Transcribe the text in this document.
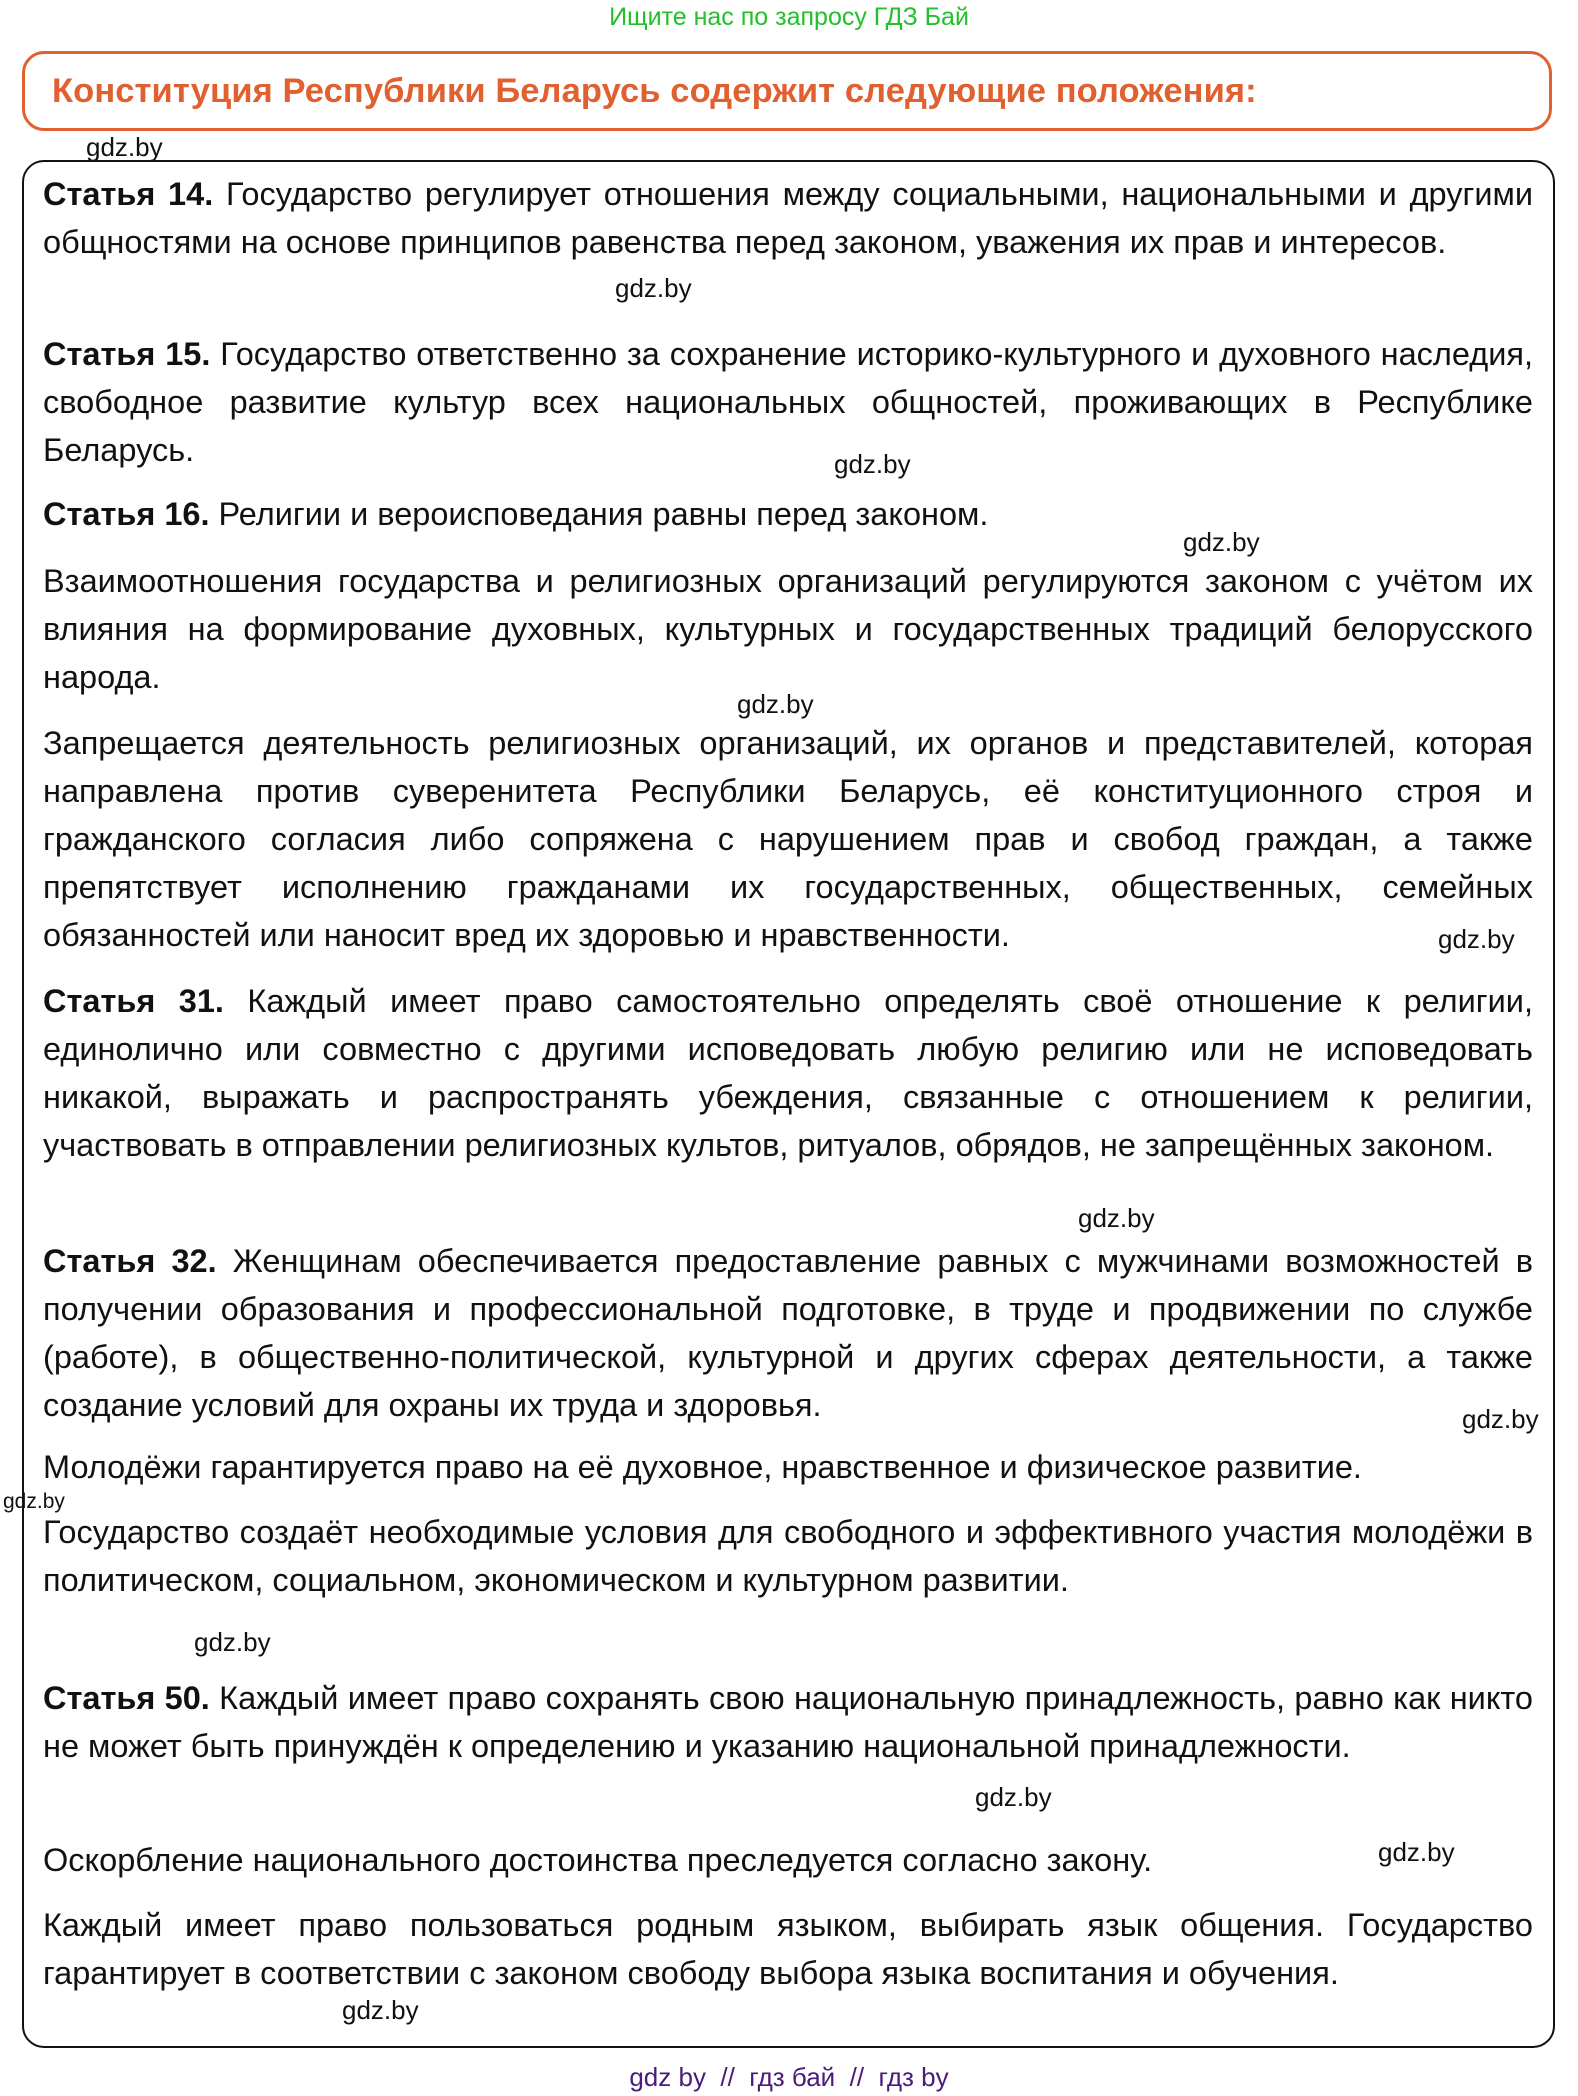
Ищите нас по запросу ГДЗ Бай
Конституция Республики Беларусь содержит следующие положения:
gdz.by
Статья 14. Государство регулирует отношения между социальными, национальными и другими общностями на основе принципов равенства перед законом, уважения их прав и интересов.
gdz.by
Статья 15. Государство ответственно за сохранение историко-культурного и духовного наследия, свободное развитие культур всех национальных общностей, проживающих в Республике Беларусь.	gdz.by
Статья 16. Религии и вероисповедания равны перед законом.
gdz.by
Взаимоотношения государства и религиозных организаций регулируются законом с учётом их влияния на формирование духовных, культурных и государственных традиций белорусского народа.
gdz.by
Запрещается деятельность религиозных организаций, их органов и представителей, которая направлена против суверенитета Республики Беларусь, её конституционного строя и гражданского согласия либо сопряжена с нарушением прав и свобод граждан, а также препятствует исполнению гражданами их государственных, общественных, семейных обязанностей или наносит вред их здоровью и нравственности.	gdz.by
Статья 31. Каждый имеет право самостоятельно определять своё отношение к религии, единолично или совместно с другими исповедовать любую религию или не исповедовать никакой, выражать и распространять убеждения, связанные с отношением к религии, участвовать в отправлении религиозных культов, ритуалов, обрядов, не запрещённых законом.
gdz.by
Статья 32. Женщинам обеспечивается предоставление равных с мужчинами возможностей в получении образования и профессиональной подготовке, в труде и продвижении по службе (работе), в общественно-политической, культурной и других сферах деятельности, а также создание условий для охраны их труда и здоровья.	gdz.by
Молодёжи гарантируется право на её духовное, нравственное и физическое развитие.
gdz.by
Государство создаёт необходимые условия для свободного и эффективного участия молодёжи в политическом, социальном, экономическом и культурном развитии.
gdz.by
Статья 50. Каждый имеет право сохранять свою национальную принадлежность, равно как никто не может быть принуждён к определению и указанию национальной принадлежности.
gdz.by
Оскорбление национального достоинства преследуется согласно закону.	gdz.by
Каждый имеет право пользоваться родным языком, выбирать язык общения. Государство гарантирует в соответствии с законом свободу выбора языка воспитания и обучения.
gdz.by
gdz by  //  гдз бай  //  гдз by
